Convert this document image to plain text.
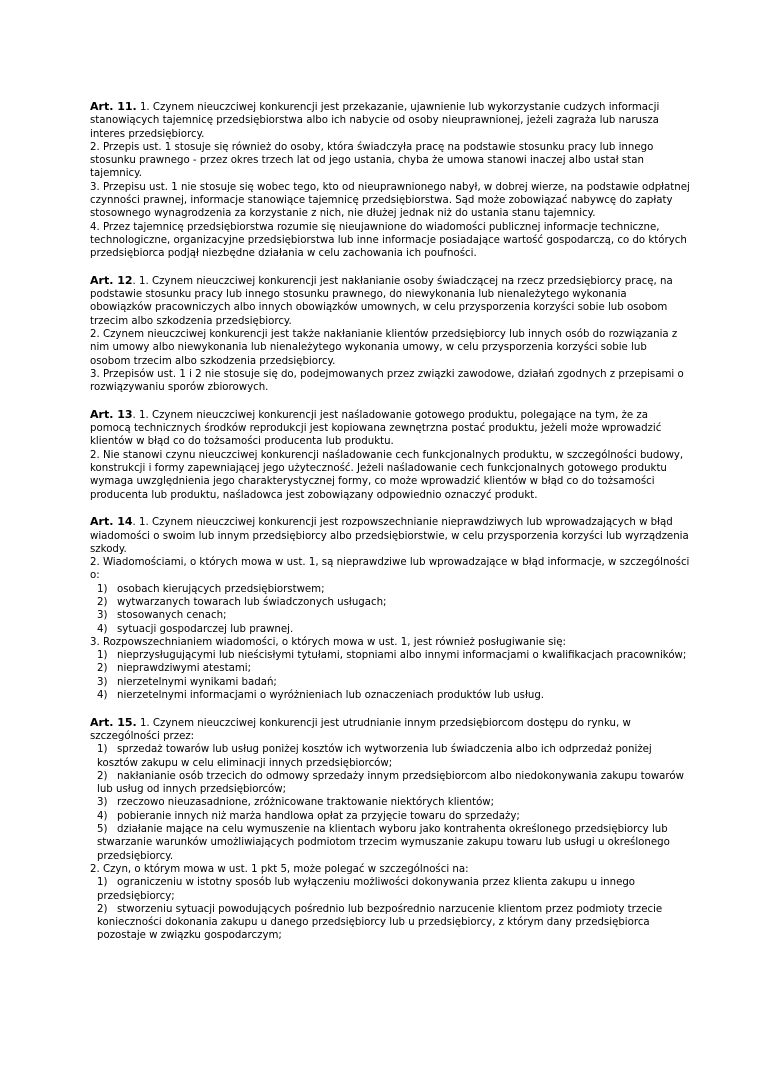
Art. 11. 1. Czynem nieuczciwej konkurencji jest przekazanie, ujawnienie lub wykorzystanie cudzych informacji stanowiących tajemnicę przedsiębiorstwa albo ich nabycie od osoby nieuprawnionej, jeżeli zagraża lub narusza interes przedsiębiorcy.

2. Przepis ust. 1 stosuje się również do osoby, która świadczyła pracę na podstawie stosunku pracy lub innego stosunku prawnego - przez okres trzech lat od jego ustania, chyba że umowa stanowi inaczej albo ustał stan tajemnicy.

3. Przepisu ust. 1 nie stosuje się wobec tego, kto od nieuprawnionego nabył, w dobrej wierze, na podstawie odpłatnej czynności prawnej, informacje stanowiące tajemnicę przedsiębiorstwa. Sąd może zobowiązać nabywcę do zapłaty stosownego wynagrodzenia za korzystanie z nich, nie dłużej jednak niż do ustania stanu tajemnicy.

4. Przez tajemnicę przedsiębiorstwa rozumie się nieujawnione do wiadomości publicznej informacje techniczne, technologiczne, organizacyjne przedsiębiorstwa lub inne informacje posiadające wartość gospodarczą, co do których przedsiębiorca podjął niezbędne działania w celu zachowania ich poufności.

Art. 12. 1. Czynem nieuczciwej konkurencji jest nakłanianie osoby świadczącej na rzecz przedsiębiorcy pracę, na podstawie stosunku pracy lub innego stosunku prawnego, do niewykonania lub nienależytego wykonania obowiązków pracowniczych albo innych obowiązków umownych, w celu przysporzenia korzyści sobie lub osobom trzecim albo szkodzenia przedsiębiorcy.

2. Czynem nieuczciwej konkurencji jest także nakłanianie klientów przedsiębiorcy lub innych osób do rozwiązania z nim umowy albo niewykonania lub nienależytego wykonania umowy, w celu przysporzenia korzyści sobie lub osobom trzecim albo szkodzenia przedsiębiorcy.

3. Przepisów ust. 1 i 2 nie stosuje się do, podejmowanych przez związki zawodowe, działań zgodnych z przepisami o rozwiązywaniu sporów zbiorowych.

Art. 13. 1. Czynem nieuczciwej konkurencji jest naśladowanie gotowego produktu, polegające na tym, że za pomocą technicznych środków reprodukcji jest kopiowana zewnętrzna postać produktu, jeżeli może wprowadzić klientów w błąd co do tożsamości producenta lub produktu.

2. Nie stanowi czynu nieuczciwej konkurencji naśladowanie cech funkcjonalnych produktu, w szczególności budowy, konstrukcji i formy zapewniającej jego użyteczność. Jeżeli naśladowanie cech funkcjonalnych gotowego produktu wymaga uwzględnienia jego charakterystycznej formy, co może wprowadzić klientów w błąd co do tożsamości producenta lub produktu, naśladowca jest zobowiązany odpowiednio oznaczyć produkt.

Art. 14. 1. Czynem nieuczciwej konkurencji jest rozpowszechnianie nieprawdziwych lub wprowadzających w błąd wiadomości o swoim lub innym przedsiębiorcy albo przedsiębiorstwie, w celu przysporzenia korzyści lub wyrządzenia szkody.

2. Wiadomościami, o których mowa w ust. 1, są nieprawdziwe lub wprowadzające w błąd informacje, w szczególności o:

1) osobach kierujących przedsiębiorstwem;
2) wytwarzanych towarach lub świadczonych usługach;
3) stosowanych cenach;
4) sytuacji gospodarczej lub prawnej.

3. Rozpowszechnianiem wiadomości, o których mowa w ust. 1, jest również posługiwanie się:

1) nieprzysługującymi lub nieścisłymi tytułami, stopniami albo innymi informacjami o kwalifikacjach pracowników;
2) nieprawdziwymi atestami;
3) nierzetelnymi wynikami badań;
4) nierzetelnymi informacjami o wyróżnieniach lub oznaczeniach produktów lub usług.

Art. 15. 1. Czynem nieuczciwej konkurencji jest utrudnianie innym przedsiębiorcom dostępu do rynku, w szczególności przez:

1) sprzedaż towarów lub usług poniżej kosztów ich wytworzenia lub świadczenia albo ich odprzedaż poniżej kosztów zakupu w celu eliminacji innych przedsiębiorców;
2) nakłanianie osób trzecich do odmowy sprzedaży innym przedsiębiorcom albo niedokonywania zakupu towarów lub usług od innych przedsiębiorców;
3) rzeczowo nieuzasadnione, zróżnicowane traktowanie niektórych klientów;
4) pobieranie innych niż marża handlowa opłat za przyjęcie towaru do sprzedaży;
5) działanie mające na celu wymuszenie na klientach wyboru jako kontrahenta określonego przedsiębiorcy lub stwarzanie warunków umożliwiających podmiotom trzecim wymuszanie zakupu towaru lub usługi u określonego przedsiębiorcy.

2. Czyn, o którym mowa w ust. 1 pkt 5, może polegać w szczególności na:

1) ograniczeniu w istotny sposób lub wyłączeniu możliwości dokonywania przez klienta zakupu u innego przedsiębiorcy;
2) stworzeniu sytuacji powodujących pośrednio lub bezpośrednio narzucenie klientom przez podmioty trzecie konieczności dokonania zakupu u danego przedsiębiorcy lub u przedsiębiorcy, z którym dany przedsiębiorca pozostaje w związku gospodarczym;
